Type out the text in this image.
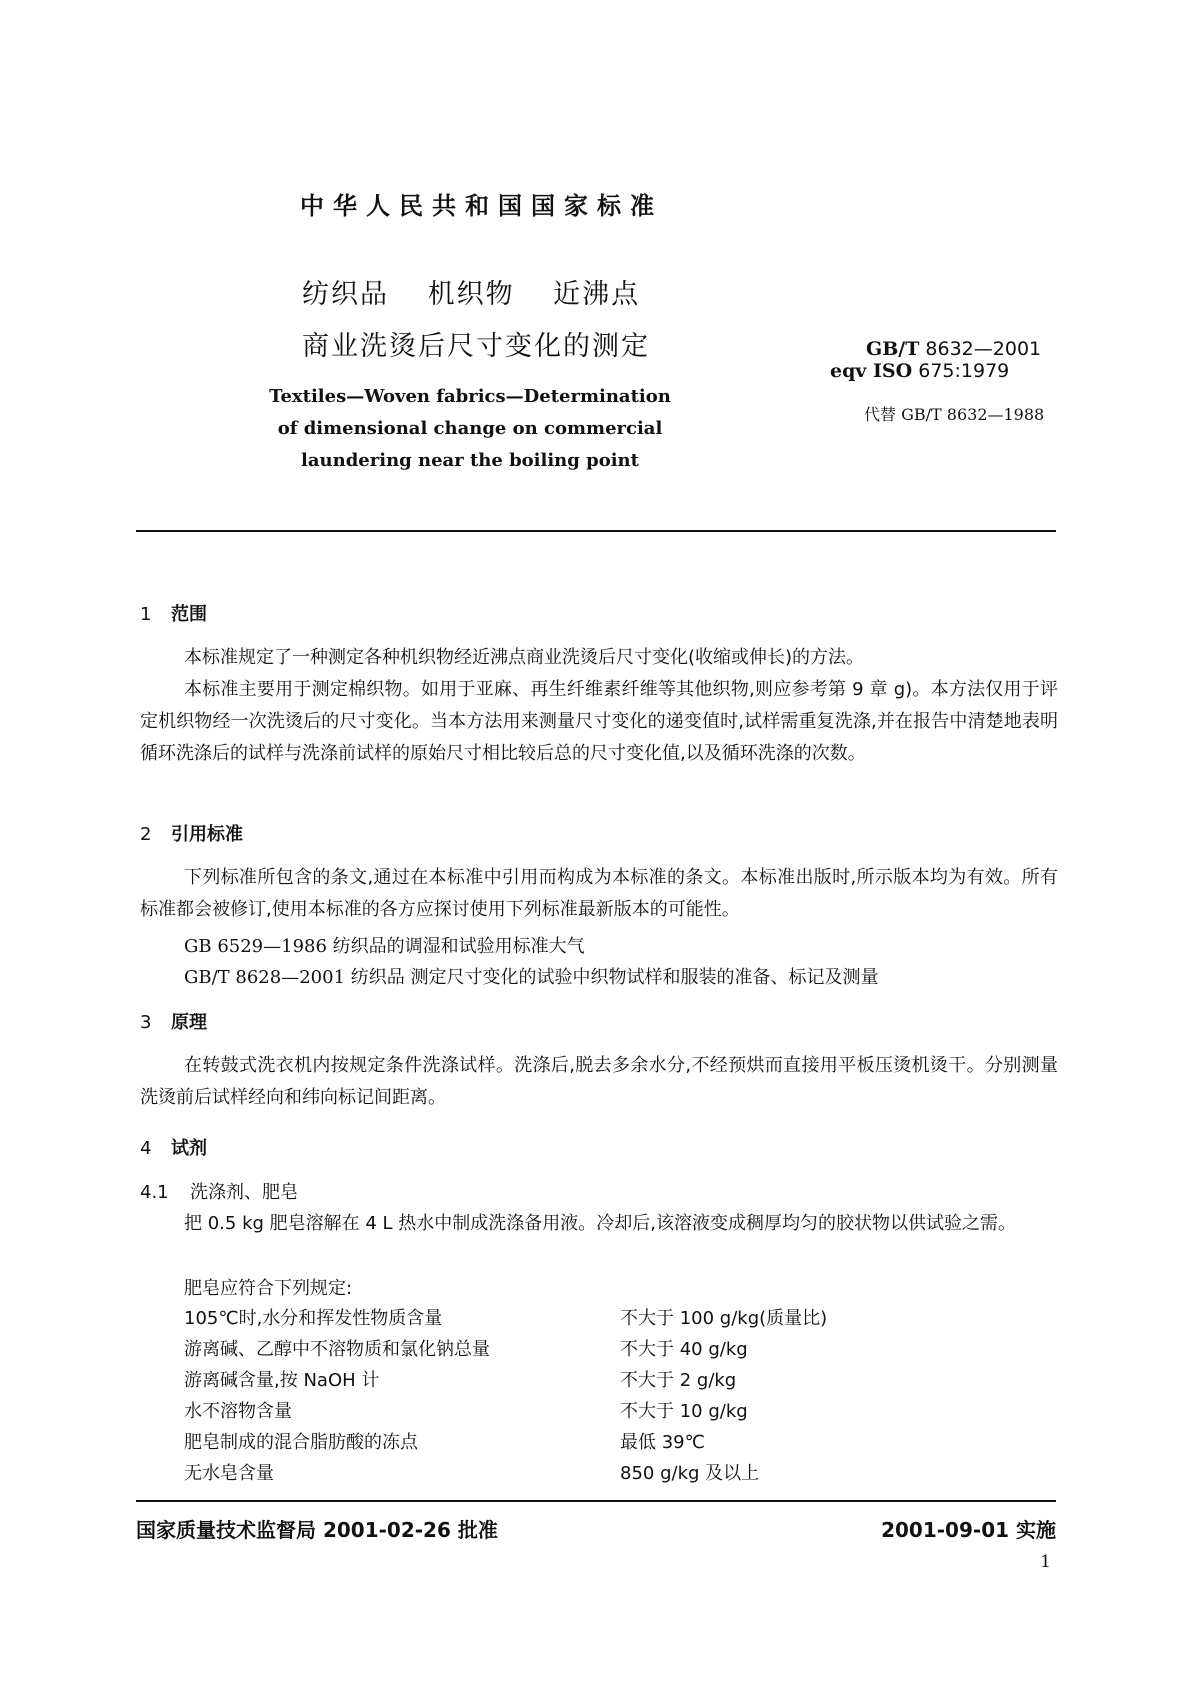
中华人民共和国国家标准
纺织品 机织物 近沸点
商业洗烫后尺寸变化的测定	GB/T 8632—2001
eqv ISO 675:1979
代替 GB/T 8632—1988
Textiles—Woven fabrics—Determination
of dimensional change on commercial
laundering near the boiling point
1 范围
本标准规定了一种测定各种机织物经近沸点商业洗烫后尺寸变化(收缩或伸长)的方法。
本标准主要用于测定棉织物。如用于亚麻、再生纤维素纤维等其他织物,则应参考第 9 章 g)。本方法仅用于评定机织物经一次洗烫后的尺寸变化。当本方法用来测量尺寸变化的递变值时,试样需重复洗涤,并在报告中清楚地表明循环洗涤后的试样与洗涤前试样的原始尺寸相比较后总的尺寸变化值,以及循环洗涤的次数。
2 引用标准
下列标准所包含的条文,通过在本标准中引用而构成为本标准的条文。本标准出版时,所示版本均为有效。所有标准都会被修订,使用本标准的各方应探讨使用下列标准最新版本的可能性。
GB 6529—1986 纺织品的调湿和试验用标准大气
GB/T 8628—2001 纺织品 测定尺寸变化的试验中织物试样和服装的准备、标记及测量
3 原理
在转鼓式洗衣机内按规定条件洗涤试样。洗涤后,脱去多余水分,不经预烘而直接用平板压烫机烫干。分别测量洗烫前后试样经向和纬向标记间距离。
4 试剂
4.1 洗涤剂、肥皂
把 0.5 kg 肥皂溶解在 4 L 热水中制成洗涤备用液。冷却后,该溶液变成稠厚均匀的胶状物以供试验之需。
肥皂应符合下列规定:
105℃时,水分和挥发性物质含量	不大于 100 g/kg(质量比)
游离碱、乙醇中不溶物质和氯化钠总量	不大于 40 g/kg
游离碱含量,按 NaOH 计	不大于 2 g/kg
水不溶物含量	不大于 10 g/kg
肥皂制成的混合脂肪酸的冻点	最低 39℃
无水皂含量	850 g/kg 及以上
国家质量技术监督局 2001-02-26 批准	2001-09-01 实施
1
